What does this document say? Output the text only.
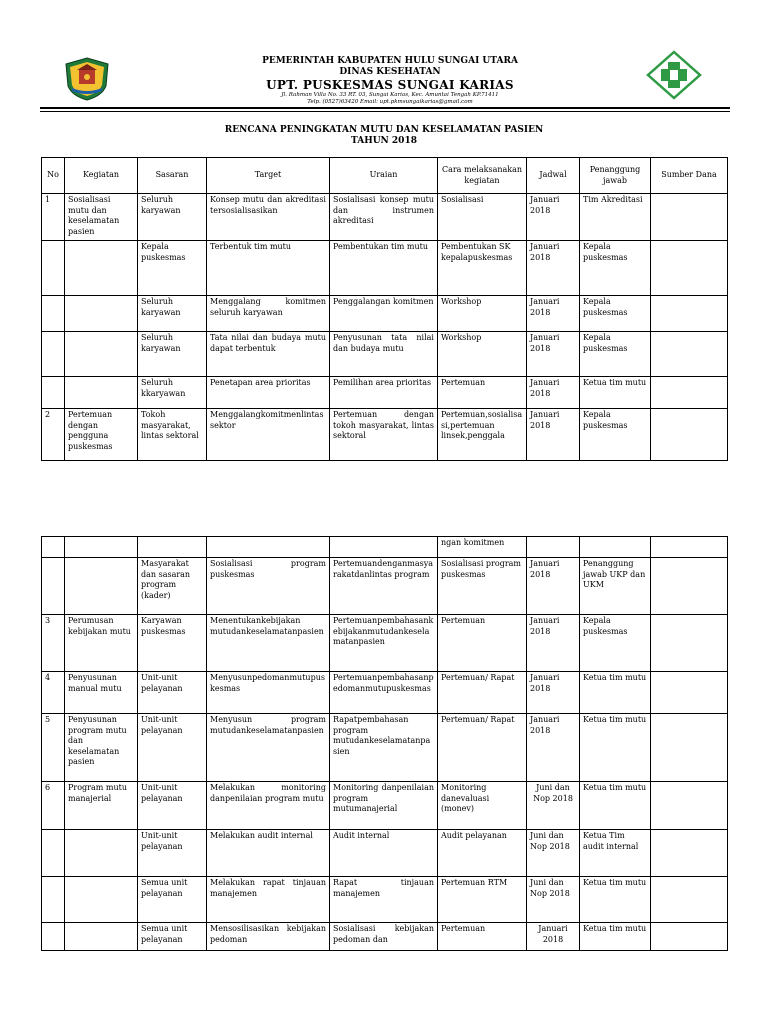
PEMERINTAH KABUPATEN HULU SUNGAI UTARA
DINAS KESEHATAN
UPT. PUSKESMAS SUNGAI KARIAS
Jl. Rahman Villa No. 33 RT. 03, Sungai Karias, Kec. Amuntai Tengah KP.71411
Telp. (0527)63420 Email: upt.pkmsungaikarias@gmail.com
RENCANA PENINGKATAN MUTU DAN KESELAMATAN PASIEN
TAHUN 2018
No	Kegiatan	Sasaran	Target	Uraian	Cara melaksanakan kegiatan	Jadwal	Penanggung jawab	Sumber Dana
1	Sosialisasi mutu dan keselamatan pasien	Seluruh karyawan	Konsep mutu dan akreditasi tersosialisasikan	Sosialisasi konsep mutu dan instrumen akreditasi	Sosialisasi	Januari 2018	Tim Akreditasi	
		Kepala puskesmas	Terbentuk tim mutu	Pembentukan tim mutu	Pembentukan SK kepalapuskesmas	Januari 2018	Kepala puskesmas	
		Seluruh karyawan	Menggalang komitmen seluruh karyawan	Penggalangan komitmen	Workshop	Januari 2018	Kepala puskesmas	
		Seluruh karyawan	Tata nilai dan budaya mutu dapat terbentuk	Penyusunan tata nilai dan budaya mutu	Workshop	Januari 2018	Kepala puskesmas	
		Seluruh kkaryawan	Penetapan area prioritas	Pemilihan area prioritas	Pertemuan	Januari 2018	Ketua tim mutu	
2	Pertemuan dengan pengguna puskesmas	Tokoh masyarakat, lintas sektoral	Menggalangkomitmenlintassektor	Pertemuan dengan tokoh masyarakat, lintas sektoral	Pertemuan,sosialisasi,pertemuan linsek,penggala	Januari 2018	Kepala puskesmas	
					ngan komitmen			
		Masyarakat dan sasaran program (kader)	Sosialisasi program puskesmas	Pertemuandenganmasyarakatdanlintas program	Sosialisasi program puskesmas	Januari 2018	Penanggung jawab UKP dan UKM	
3	Perumusan kebijakan mutu	Karyawan puskesmas	Menentukankebijakan mutudankeselamatanpasien	Pertemuanpembahasankebijakanmutudankeselamatanpasien	Pertemuan	Januari 2018	Kepala puskesmas	
4	Penyusunan manual mutu	Unit-unit pelayanan	Menyusunpedomanmutupuskesmas	Pertemuanpembahasanpedomanmutupuskesmas	Pertemuan/ Rapat	Januari 2018	Ketua tim mutu	
5	Penyusunan program mutu dan keselamatan pasien	Unit-unit pelayanan	Menyusun program mutudankeselamatanpasien	Rapatpembahasan program mutudankeselamatanpasien	Pertemuan/ Rapat	Januari 2018	Ketua tim mutu	
6	Program mutu manajerial	Unit-unit pelayanan	Melakukan monitoring danpenilaian program mutu	Monitoring danpenilaian program mutumanajerial	Monitoring danevaluasi (monev)	Juni dan Nop 2018	Ketua tim mutu	
		Unit-unit pelayanan	Melakukan audit internal	Audit internal	Audit pelayanan	Juni dan Nop 2018	Ketua Tim audit internal	
		Semua unit pelayanan	Melakukan rapat tinjauan manajemen	Rapat tinjauan manajemen	Pertemuan RTM	Juni dan Nop 2018	Ketua tim mutu	
		Semua unit pelayanan	Mensosilisasikan kebijakan pedoman	Sosialisasi kebijakan pedoman dan	Pertemuan	Januari 2018	Ketua tim mutu	
